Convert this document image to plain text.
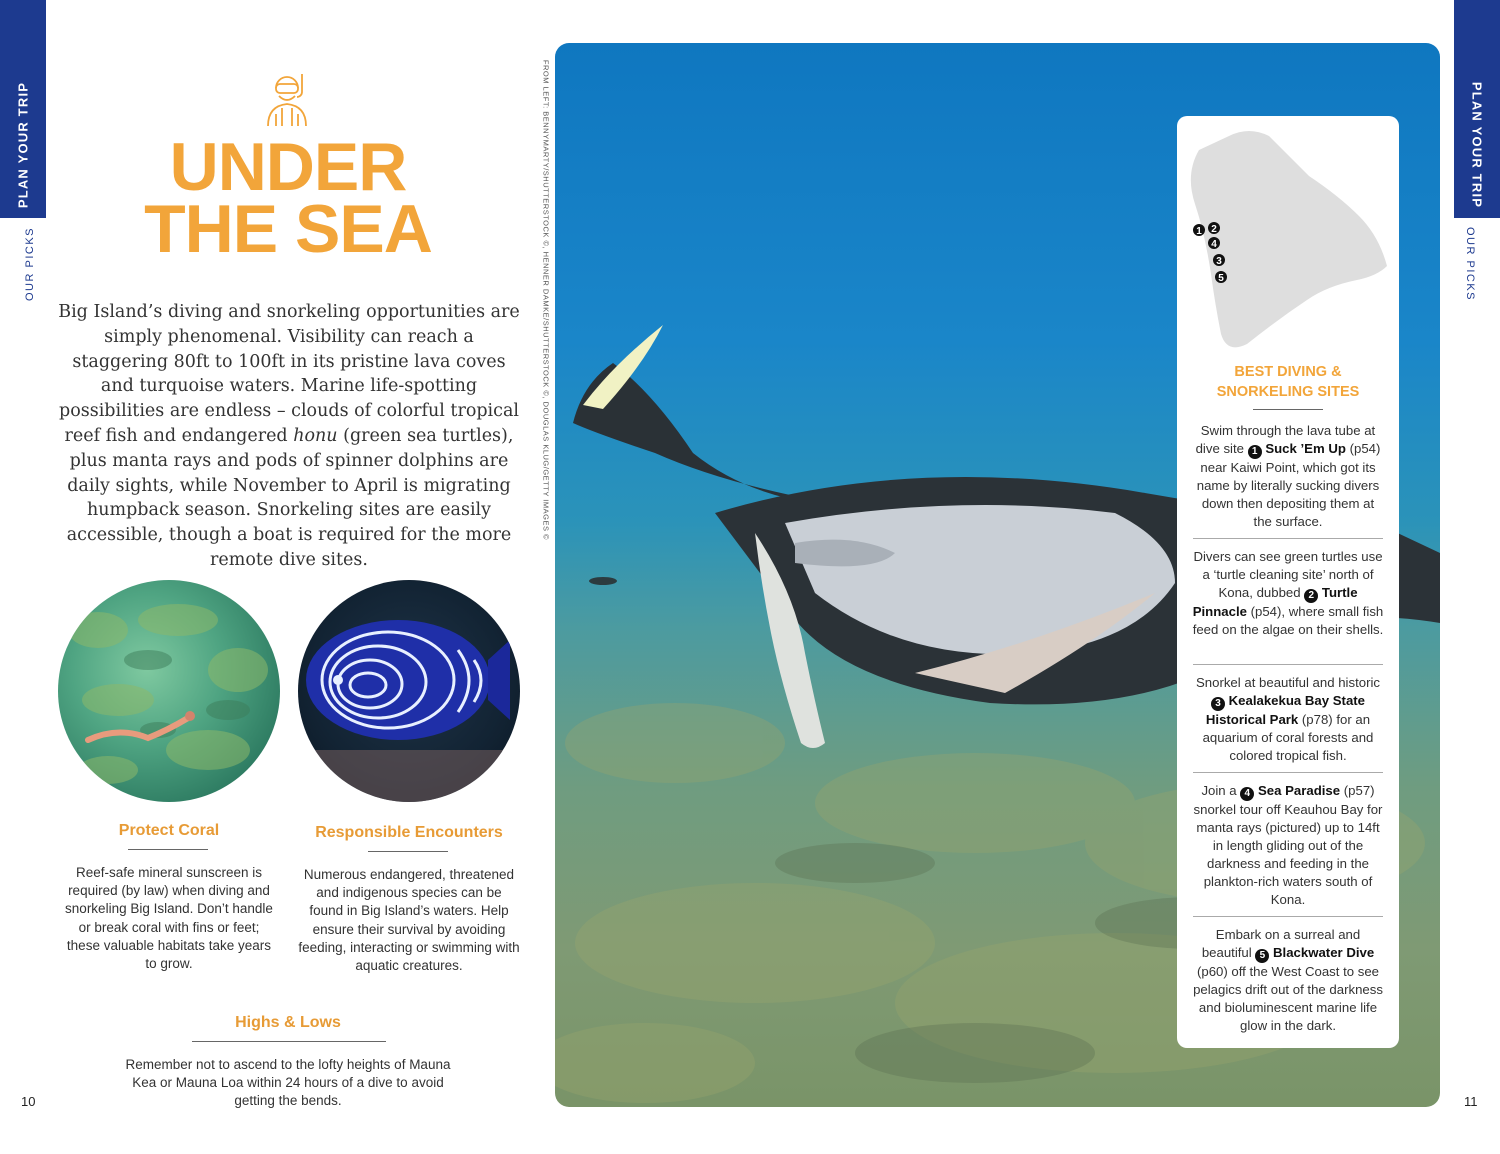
PLAN YOUR TRIP
OUR PICKS
PLAN YOUR TRIP
OUR PICKS
UNDER
THE SEA

Big Island’s diving and snorkeling opportunities are simply phenomenal. Visibility can reach a staggering 80ft to 100ft in its pristine lava coves and turquoise waters. Marine life-spotting possibilities are endless – clouds of colorful tropical reef fish and endangered honu (green sea turtles), plus manta rays and pods of spinner dolphins are daily sights, while November to April is migrating humpback season. Snorkeling sites are easily accessible, though a boat is required for the more remote dive sites.

Protect Coral

Reef-safe mineral sunscreen is required (by law) when diving and snorkeling Big Island. Don’t handle or break coral with fins or feet; these valuable habitats take years to grow.

Responsible Encounters

Numerous endangered, threatened and indigenous species can be found in Big Island’s waters. Help ensure their survival by avoiding feeding, interacting or swimming with aquatic creatures.

Highs & Lows

Remember not to ascend to the lofty heights of Mauna Kea or Mauna Loa within 24 hours of a dive to avoid getting the bends.

10	11
FROM LEFT: BENNYMARTY/SHUTTERSTOCK ©, HENNER DAMKE/SHUTTERSTOCK ©, DOUGLAS KLUG/GETTY IMAGES ©	1 2
4
3
5
BEST DIVING &
SNORKELING SITES

Swim through the lava tube at dive site 1 Suck ’Em Up (p54) near Kaiwi Point, which got its name by literally sucking divers down then depositing them at the surface.

Divers can see green turtles use a ‘turtle cleaning site’ north of Kona, dubbed 2 Turtle Pinnacle (p54), where small fish feed on the algae on their shells.

Snorkel at beautiful and historic 3 Kealakekua Bay State Historical Park (p78) for an aquarium of coral forests and colored tropical fish.

Join a 4 Sea Paradise (p57) snorkel tour off Keauhou Bay for manta rays (pictured) up to 14ft in length gliding out of the darkness and feeding in the plankton-rich waters south of Kona.

Embark on a surreal and beautiful 5 Blackwater Dive (p60) off the West Coast to see pelagics drift out of the darkness and bioluminescent marine life glow in the dark.
